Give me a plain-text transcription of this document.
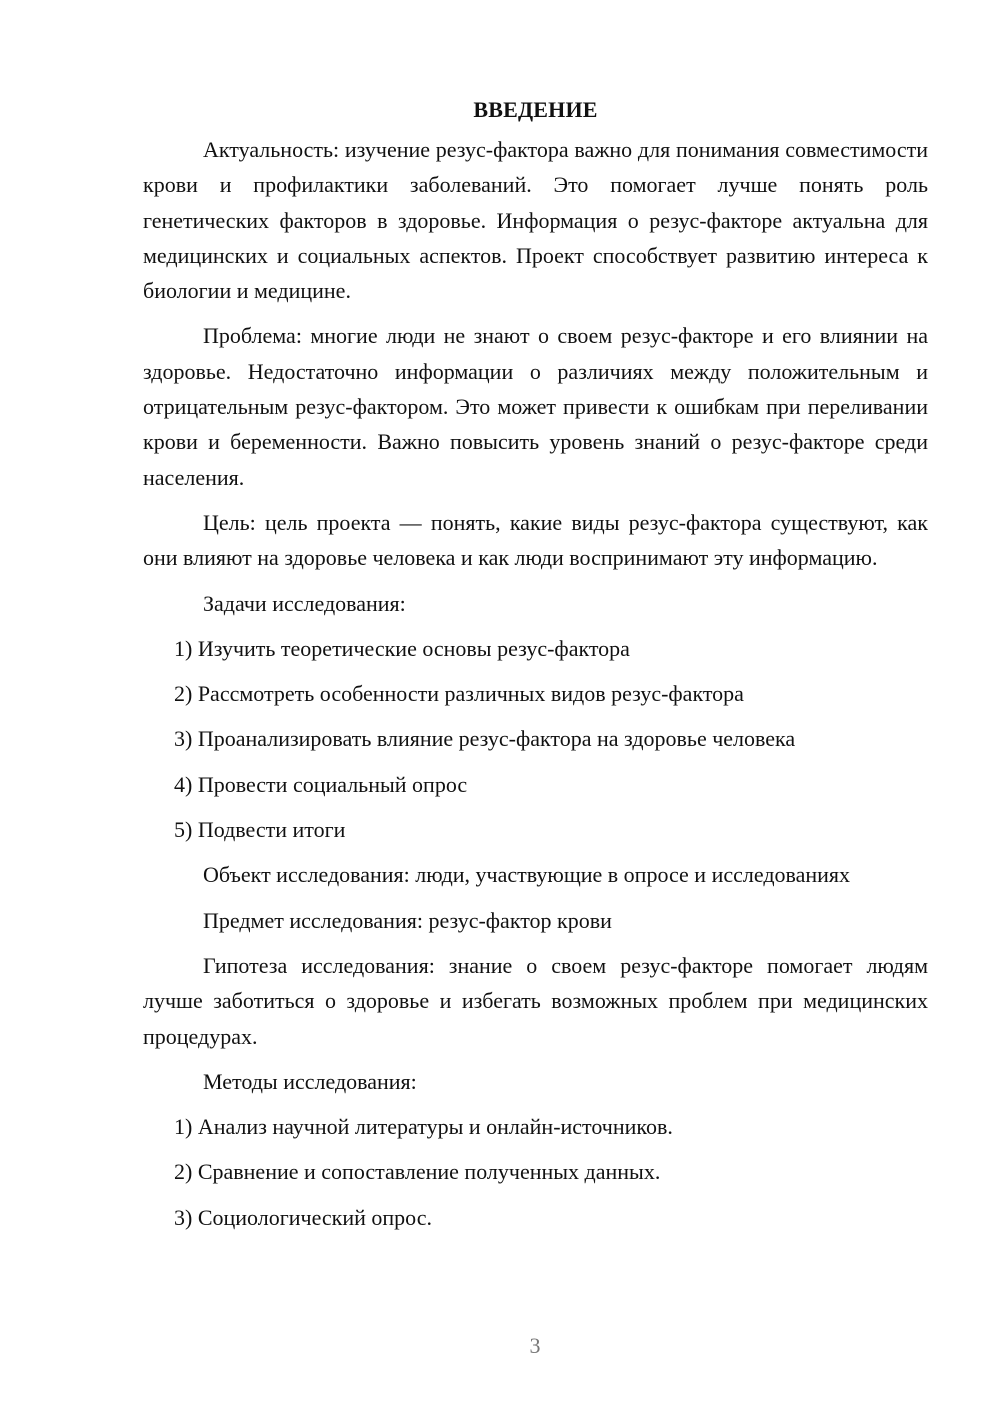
ВВЕДЕНИЕ

Актуальность: изучение резус-фактора важно для понимания совместимости крови и профилактики заболеваний. Это помогает лучше понять роль генетических факторов в здоровье. Информация о резус-факторе актуальна для медицинских и социальных аспектов. Проект способствует развитию интереса к биологии и медицине.

Проблема: многие люди не знают о своем резус-факторе и его влиянии на здоровье. Недостаточно информации о различиях между положительным и отрицательным резус-фактором. Это может привести к ошибкам при переливании крови и беременности. Важно повысить уровень знаний о резус-факторе среди населения.

Цель: цель проекта — понять, какие виды резус-фактора существуют, как они влияют на здоровье человека и как люди воспринимают эту информацию.

Задачи исследования:

1) Изучить теоретические основы резус-фактора

2) Рассмотреть особенности различных видов резус-фактора

3) Проанализировать влияние резус-фактора на здоровье человека

4) Провести социальный опрос

5) Подвести итоги

Объект исследования: люди, участвующие в опросе и исследованиях

Предмет исследования: резус-фактор крови

Гипотеза исследования: знание о своем резус-факторе помогает людям лучше заботиться о здоровье и избегать возможных проблем при медицинских процедурах.

Методы исследования:

1) Анализ научной литературы и онлайн-источников.

2) Сравнение и сопоставление полученных данных.

3) Социологический опрос.

3
